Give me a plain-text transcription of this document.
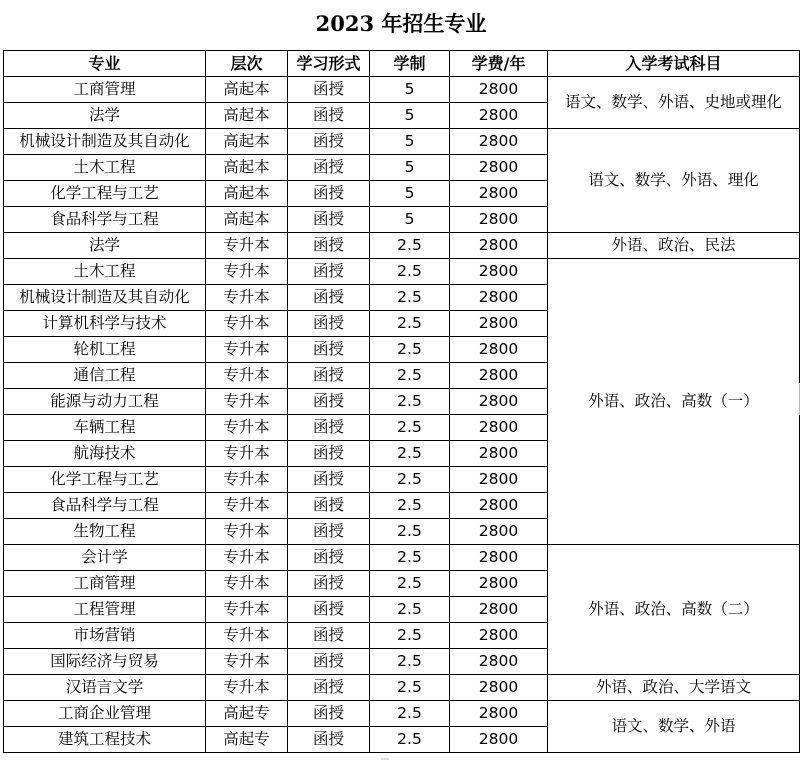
2023 年招生专业
专业	层次	学习形式	学制	学费/年	入学考试科目
工商管理	高起本	函授	5	2800	语文、数学、外语、史地或理化
法学	高起本	函授	5	2800	
机械设计制造及其自动化	高起本	函授	5	2800	语文、数学、外语、理化
土木工程	高起本	函授	5	2800	
化学工程与工艺	高起本	函授	5	2800	
食品科学与工程	高起本	函授	5	2800	
法学	专升本	函授	2.5	2800	外语、政治、民法
土木工程	专升本	函授	2.5	2800	外语、政治、高数（一）
机械设计制造及其自动化	专升本	函授	2.5	2800	
计算机科学与技术	专升本	函授	2.5	2800	
轮机工程	专升本	函授	2.5	2800	
通信工程	专升本	函授	2.5	2800	
能源与动力工程	专升本	函授	2.5	2800	
车辆工程	专升本	函授	2.5	2800	
航海技术	专升本	函授	2.5	2800	
化学工程与工艺	专升本	函授	2.5	2800	
食品科学与工程	专升本	函授	2.5	2800	
生物工程	专升本	函授	2.5	2800	
会计学	专升本	函授	2.5	2800	外语、政治、高数（二）
工商管理	专升本	函授	2.5	2800	
工程管理	专升本	函授	2.5	2800	
市场营销	专升本	函授	2.5	2800	
国际经济与贸易	专升本	函授	2.5	2800	
汉语言文学	专升本	函授	2.5	2800	外语、政治、大学语文
工商企业管理	高起专	函授	2.5	2800	语文、数学、外语
建筑工程技术	高起专	函授	2.5	2800	
